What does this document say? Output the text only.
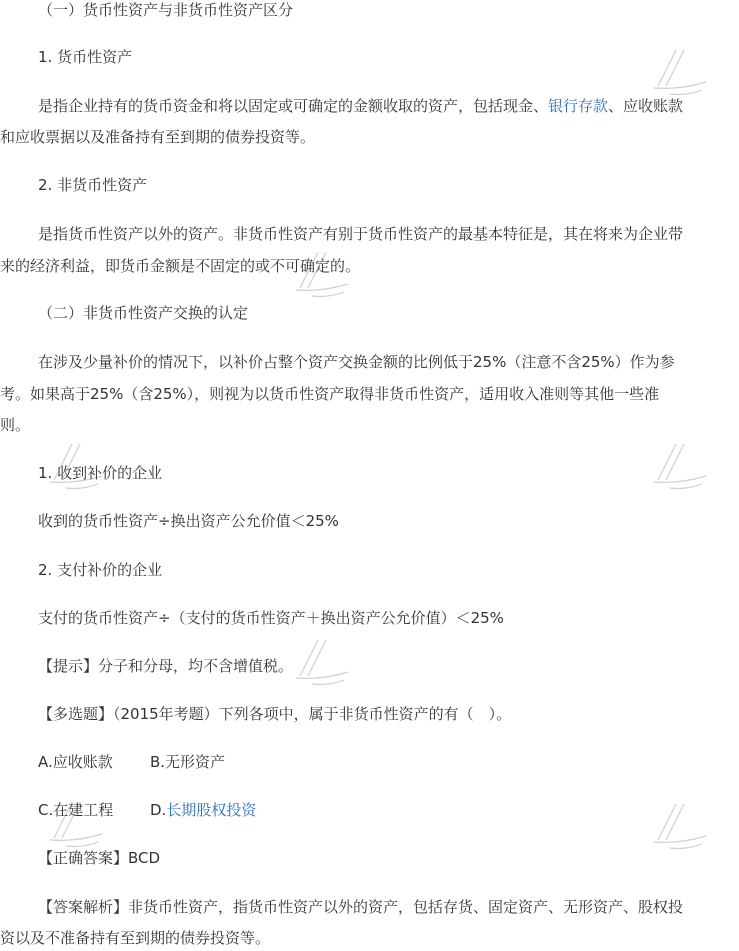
（一）货币性资产与非货币性资产区分
1. 货币性资产
是指企业持有的货币资金和将以固定或可确定的金额收取的资产，包括现金、银行存款、应收账款
和应收票据以及准备持有至到期的债券投资等。
2. 非货币性资产
是指货币性资产以外的资产。非货币性资产有别于货币性资产的最基本特征是，其在将来为企业带
来的经济利益，即货币金额是不固定的或不可确定的。
（二）非货币性资产交换的认定
在涉及少量补价的情况下，以补价占整个资产交换金额的比例低于25%（注意不含25%）作为参
考。如果高于25%（含25%），则视为以货币性资产取得非货币性资产，适用收入准则等其他一些准
则。
1. 收到补价的企业
收到的货币性资产÷换出资产公允价值＜25%
2. 支付补价的企业
支付的货币性资产÷（支付的货币性资产＋换出资产公允价值）＜25%
【提示】分子和分母，均不含增值税。
【多选题】（2015年考题）下列各项中，属于非货币性资产的有（　）。
A.应收账款 B.无形资产
C.在建工程 D.长期股权投资
【正确答案】BCD
【答案解析】非货币性资产，指货币性资产以外的资产，包括存货、固定资产、无形资产、股权投
资以及不准备持有至到期的债券投资等。
